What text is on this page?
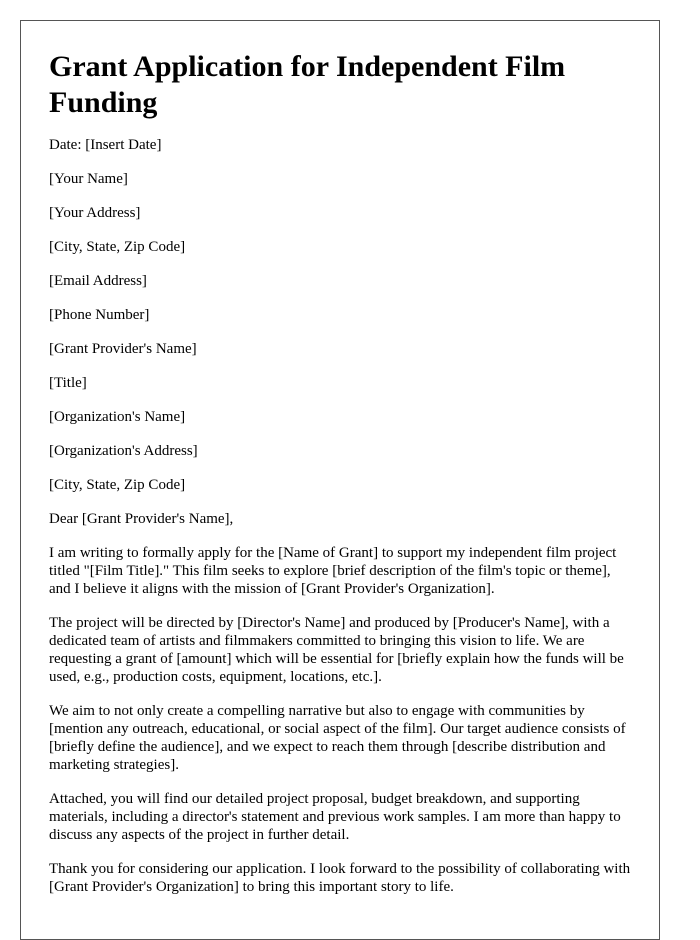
Grant Application for Independent Film Funding
Date: [Insert Date]
[Your Name]
[Your Address]
[City, State, Zip Code]
[Email Address]
[Phone Number]
[Grant Provider's Name]
[Title]
[Organization's Name]
[Organization's Address]
[City, State, Zip Code]
Dear [Grant Provider's Name],

I am writing to formally apply for the [Name of Grant] to support my independent film project titled "[Film Title]." This film seeks to explore [brief description of the film's topic or theme], and I believe it aligns with the mission of [Grant Provider's Organization].

The project will be directed by [Director's Name] and produced by [Producer's Name], with a dedicated team of artists and filmmakers committed to bringing this vision to life. We are requesting a grant of [amount] which will be essential for [briefly explain how the funds will be used, e.g., production costs, equipment, locations, etc.].

We aim to not only create a compelling narrative but also to engage with communities by [mention any outreach, educational, or social aspect of the film]. Our target audience consists of [briefly define the audience], and we expect to reach them through [describe distribution and marketing strategies].

Attached, you will find our detailed project proposal, budget breakdown, and supporting materials, including a director's statement and previous work samples. I am more than happy to discuss any aspects of the project in further detail.

Thank you for considering our application. I look forward to the possibility of collaborating with [Grant Provider's Organization] to bring this important story to life.
